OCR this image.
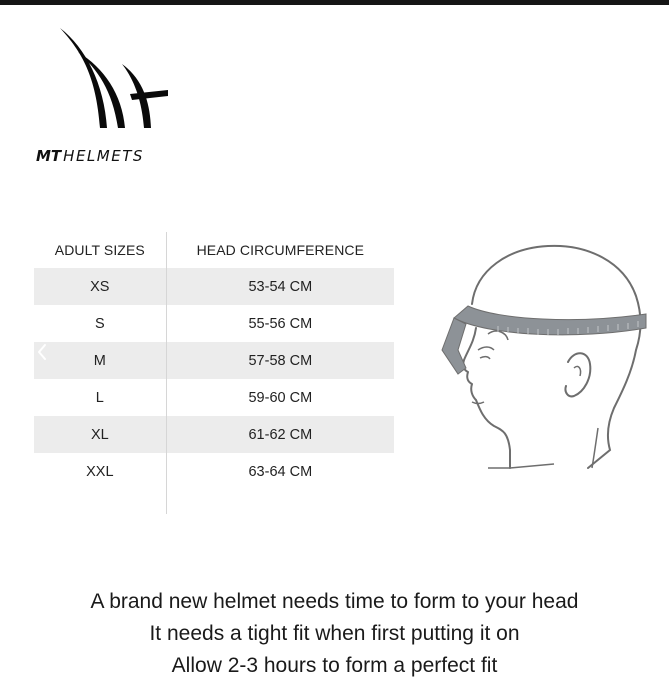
MT HELMETS
ADULT SIZES	HEAD CIRCUMFERENCE
XS	53-54 CM
S	55-56 CM
M	57-58 CM
L	59-60 CM
XL	61-62 CM
XXL	63-64 CM
A brand new helmet needs time to form to your head
It needs a tight fit when first putting it on
Allow 2-3 hours to form a perfect fit
